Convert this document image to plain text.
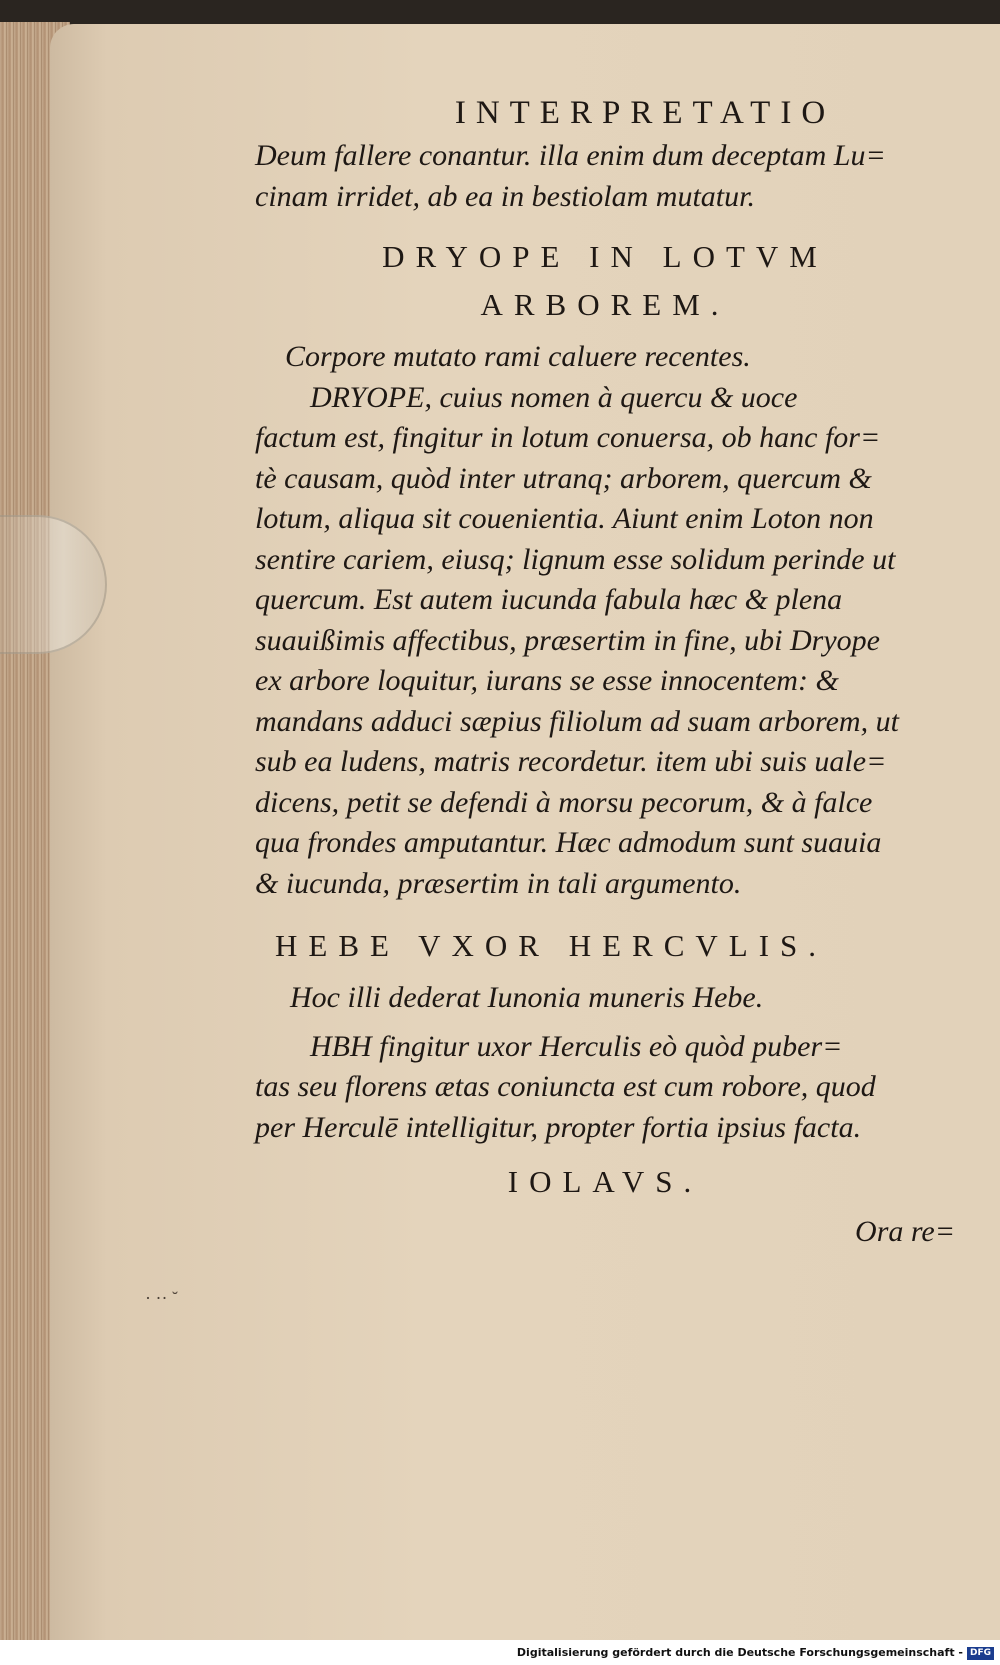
INTERPRETATIO
Deum fallere conantur. illa enim dum deceptam Lu=
cinam irridet, ab ea in bestiolam mutatur.
DRYOPE IN LOTVM
ARBOREM.
Corpore mutato rami caluere recentes.
DRYOPE, cuius nomen à quercu & uoce
factum est, fingitur in lotum conuersa, ob hanc for=
tè causam, quòd inter utranq; arborem, quercum &
lotum, aliqua sit couenientia. Aiunt enim Loton non
sentire cariem, eiusq; lignum esse solidum perinde ut
quercum. Est autem iucunda fabula hæc & plena
suauißimis affectibus, præsertim in fine, ubi Dryope
ex arbore loquitur, iurans se esse innocentem: &
mandans adduci sæpius filiolum ad suam arborem, ut
sub ea ludens, matris recordetur. item ubi suis uale=
dicens, petit se defendi à morsu pecorum, & à falce
qua frondes amputantur. Hæc admodum sunt suauia
& iucunda, præsertim in tali argumento.
HEBE VXOR HERCVLIS.
Hoc illi dederat Iunonia muneris Hebe.
ΗΒΗ fingitur uxor Herculis eò quòd puber=
tas seu florens ætas coniuncta est cum robore, quod
per Herculē intelligitur, propter fortia ipsius facta.
IOLAVS.
Ora re=
· ·· ˘
Digitalisierung gefördert durch die Deutsche Forschungsgemeinschaft - DFG
